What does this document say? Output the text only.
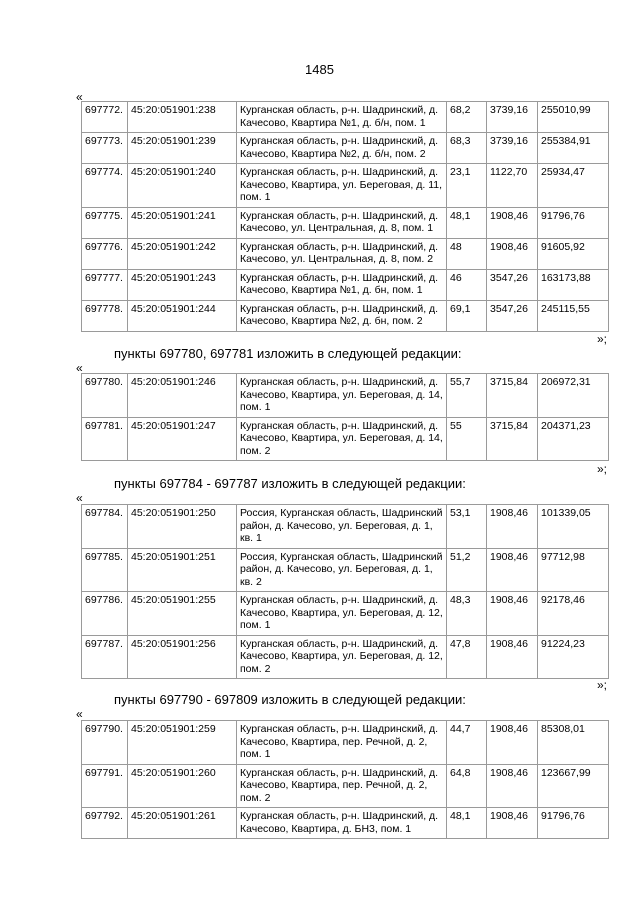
1485
«
697772.	45:20:051901:238	Курганская область, р-н. Шадринский, д. Качесово, Квартира №1, д. б/н, пом. 1	68,2	3739,16	255010,99
697773.	45:20:051901:239	Курганская область, р-н. Шадринский, д. Качесово, Квартира №2, д. б/н, пом. 2	68,3	3739,16	255384,91
697774.	45:20:051901:240	Курганская область, р-н. Шадринский, д. Качесово, Квартира, ул. Береговая, д. 11, пом. 1	23,1	1122,70	25934,47
697775.	45:20:051901:241	Курганская область, р-н. Шадринский, д. Качесово, ул. Центральная, д. 8, пом. 1	48,1	1908,46	91796,76
697776.	45:20:051901:242	Курганская область, р-н. Шадринский, д. Качесово, ул. Центральная, д. 8, пом. 2	48	1908,46	91605,92
697777.	45:20:051901:243	Курганская область, р-н. Шадринский, д. Качесово, Квартира №1, д. бн, пом. 1	46	3547,26	163173,88
697778.	45:20:051901:244	Курганская область, р-н. Шадринский, д. Качесово, Квартира №2, д. бн, пом. 2	69,1	3547,26	245115,55
»;
пункты 697780, 697781 изложить в следующей редакции:
«
697780.	45:20:051901:246	Курганская область, р-н. Шадринский, д. Качесово, Квартира, ул. Береговая, д. 14, пом. 1	55,7	3715,84	206972,31
697781.	45:20:051901:247	Курганская область, р-н. Шадринский, д. Качесово, Квартира, ул. Береговая, д. 14, пом. 2	55	3715,84	204371,23
»;
пункты 697784 - 697787 изложить в следующей редакции:
«
697784.	45:20:051901:250	Россия, Курганская область, Шадринский район, д. Качесово, ул. Береговая, д. 1, кв. 1	53,1	1908,46	101339,05
697785.	45:20:051901:251	Россия, Курганская область, Шадринский район, д. Качесово, ул. Береговая, д. 1, кв. 2	51,2	1908,46	97712,98
697786.	45:20:051901:255	Курганская область, р-н. Шадринский, д. Качесово, Квартира, ул. Береговая, д. 12, пом. 1	48,3	1908,46	92178,46
697787.	45:20:051901:256	Курганская область, р-н. Шадринский, д. Качесово, Квартира, ул. Береговая, д. 12, пом. 2	47,8	1908,46	91224,23
»;
пункты 697790 - 697809 изложить в следующей редакции:
«
697790.	45:20:051901:259	Курганская область, р-н. Шадринский, д. Качесово, Квартира, пер. Речной, д. 2, пом. 1	44,7	1908,46	85308,01
697791.	45:20:051901:260	Курганская область, р-н. Шадринский, д. Качесово, Квартира, пер. Речной, д. 2, пом. 2	64,8	1908,46	123667,99
697792.	45:20:051901:261	Курганская область, р-н. Шадринский, д. Качесово, Квартира, д. БН3, пом. 1	48,1	1908,46	91796,76
